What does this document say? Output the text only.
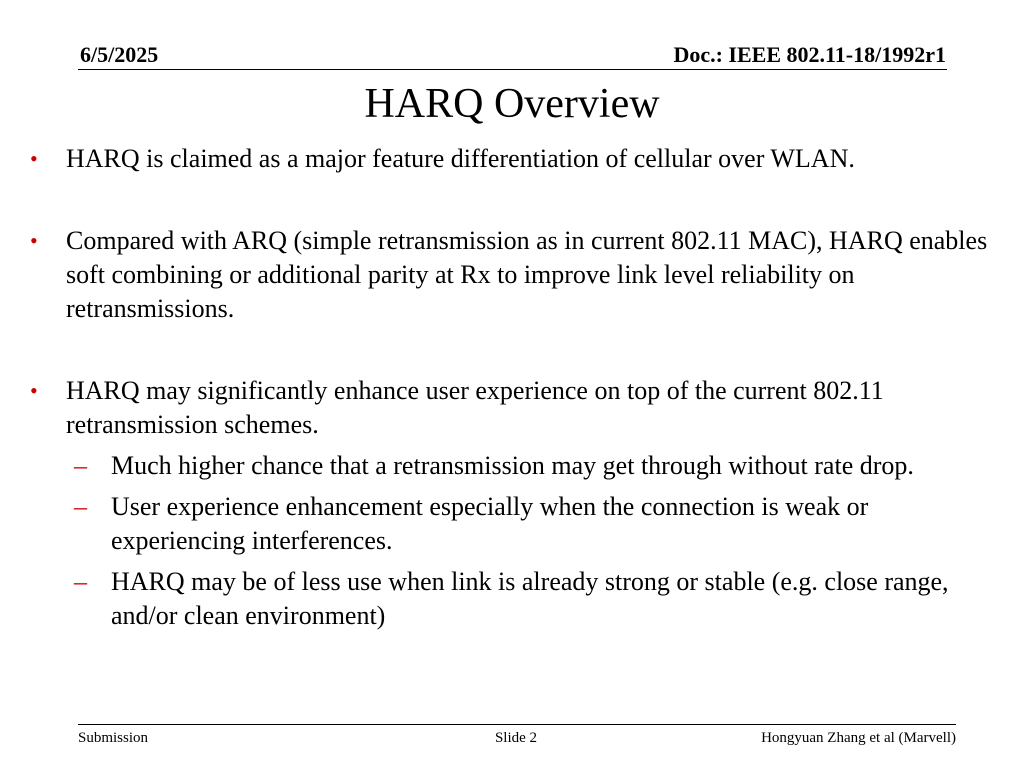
6/5/2025	Doc.: IEEE 802.11-18/1992r1
HARQ Overview
• HARQ is claimed as a major feature differentiation of cellular over WLAN.
• Compared with ARQ (simple retransmission as in current 802.11 MAC), HARQ enables soft combining or additional parity at Rx to improve link level reliability on retransmissions.
• HARQ may significantly enhance user experience on top of the current 802.11 retransmission schemes.
– Much higher chance that a retransmission may get through without rate drop.
– User experience enhancement especially when the connection is weak or experiencing interferences.
– HARQ may be of less use when link is already strong or stable (e.g. close range, and/or clean environment)
Submission	Slide 2	Hongyuan Zhang et al (Marvell)
